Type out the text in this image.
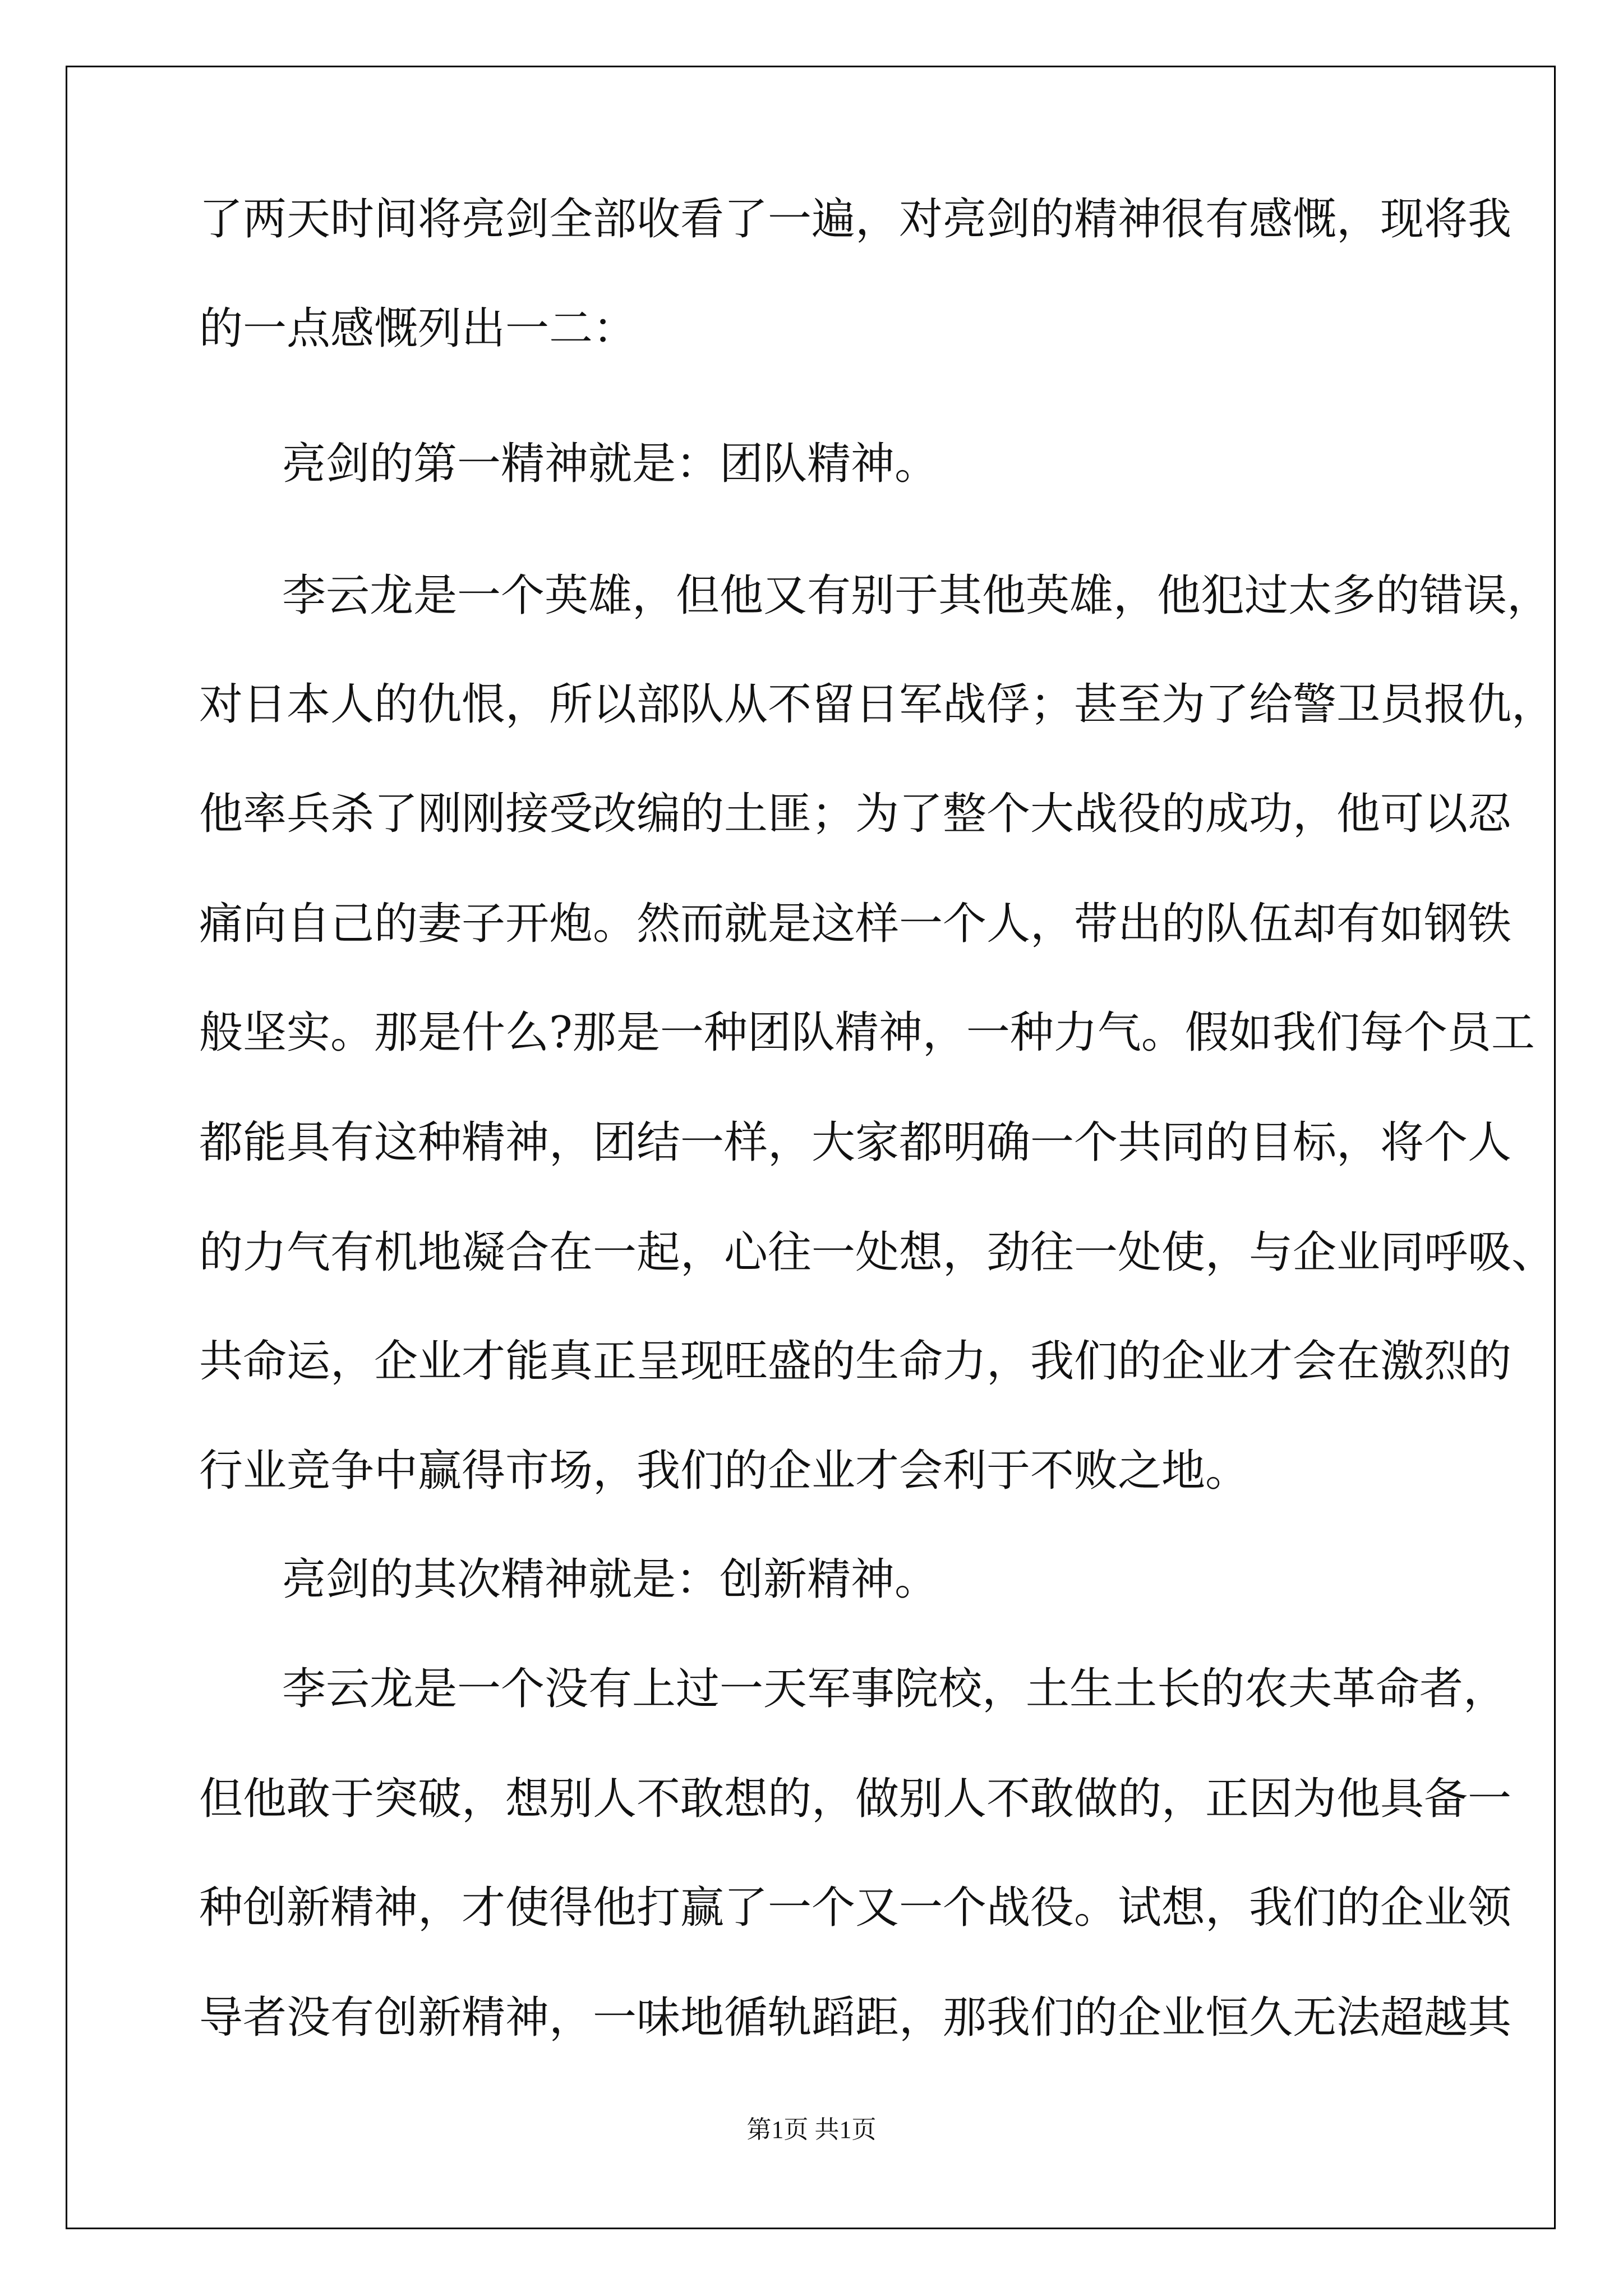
了两天时间将亮剑全部收看了一遍，对亮剑的精神很有感慨，现将我
的一点感慨列出一二：
亮剑的第一精神就是：团队精神。
李云龙是一个英雄，但他又有别于其他英雄，他犯过太多的错误，
对日本人的仇恨，所以部队从不留日军战俘；甚至为了给警卫员报仇，
他率兵杀了刚刚接受改编的土匪；为了整个大战役的成功，他可以忍
痛向自己的妻子开炮。然而就是这样一个人，带出的队伍却有如钢铁
般坚实。那是什么?那是一种团队精神，一种力气。假如我们每个员工
都能具有这种精神，团结一样，大家都明确一个共同的目标，将个人
的力气有机地凝合在一起，心往一处想，劲往一处使，与企业同呼吸、
共命运，企业才能真正呈现旺盛的生命力，我们的企业才会在激烈的
行业竞争中赢得市场，我们的企业才会利于不败之地。
亮剑的其次精神就是：创新精神。
李云龙是一个没有上过一天军事院校，土生土长的农夫革命者，
但他敢于突破，想别人不敢想的，做别人不敢做的，正因为他具备一
种创新精神，才使得他打赢了一个又一个战役。试想，我们的企业领
导者没有创新精神，一味地循轨蹈距，那我们的企业恒久无法超越其
第1页 共1页
